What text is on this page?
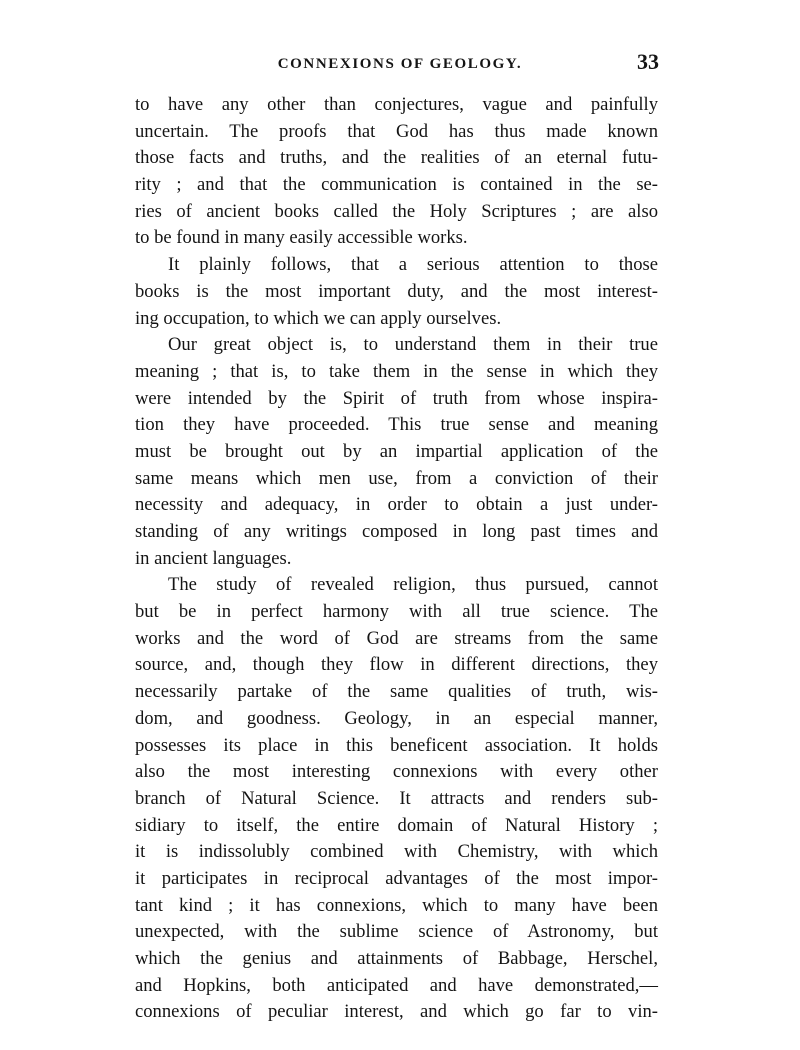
CONNEXIONS OF GEOLOGY.	33
to have any other than conjectures, vague and painfully
uncertain. The proofs that God has thus made known
those facts and truths, and the realities of an eternal futu-
rity ; and that the communication is contained in the se-
ries of ancient books called the Holy Scriptures ; are also
to be found in many easily accessible works.
It plainly follows, that a serious attention to those
books is the most important duty, and the most interest-
ing occupation, to which we can apply ourselves.
Our great object is, to understand them in their true
meaning ; that is, to take them in the sense in which they
were intended by the Spirit of truth from whose inspira-
tion they have proceeded. This true sense and meaning
must be brought out by an impartial application of the
same means which men use, from a conviction of their
necessity and adequacy, in order to obtain a just under-
standing of any writings composed in long past times and
in ancient languages.
The study of revealed religion, thus pursued, cannot
but be in perfect harmony with all true science. The
works and the word of God are streams from the same
source, and, though they flow in different directions, they
necessarily partake of the same qualities of truth, wis-
dom, and goodness. Geology, in an especial manner,
possesses its place in this beneficent association. It holds
also the most interesting connexions with every other
branch of Natural Science. It attracts and renders sub-
sidiary to itself, the entire domain of Natural History ;
it is indissolubly combined with Chemistry, with which
it participates in reciprocal advantages of the most impor-
tant kind ; it has connexions, which to many have been
unexpected, with the sublime science of Astronomy, but
which the genius and attainments of Babbage, Herschel,
and Hopkins, both anticipated and have demonstrated,—
connexions of peculiar interest, and which go far to vin-
